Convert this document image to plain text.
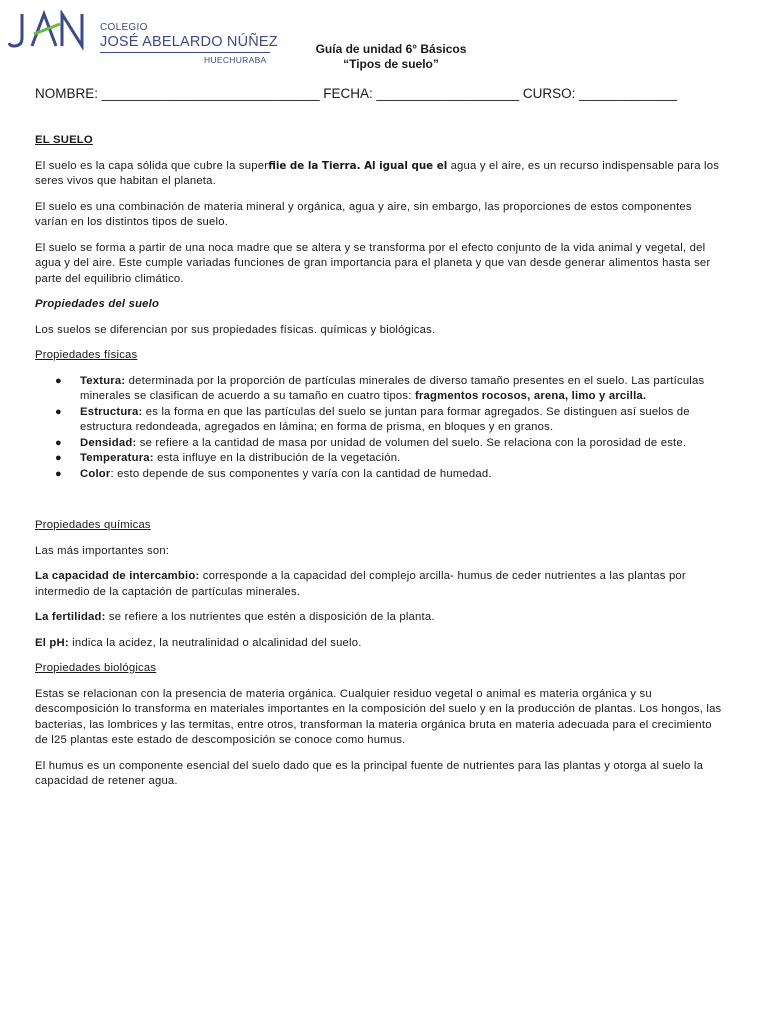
COLEGIO
JOSÉ ABELARDO NÚÑEZ
HUECHURABA
Guía de unidad 6° Básicos
“Tipos de suelo”
NOMBRE: _____________________________ FECHA: ___________________ CURSO: _____________

EL SUELO

El suelo es la capa sólida que cubre la superﬁie de la Tierra. Al igual que el agua y el aire, es un recurso indispensable para los seres vivos que habitan el planeta.

El suelo es una combinación de materia mineral y orgánica, agua y aire, sin embargo, las proporciones de estos componentes varían en los distintos tipos de suelo.

El suelo se forma a partir de una noca madre que se altera y se transforma por el efecto conjunto de la vida animal y vegetal, del agua y del aire. Este cumple variadas funciones de gran importancia para el planeta y que van desde generar alimentos hasta ser parte del equilibrio climático.

Propiedades del suelo

Los suelos se diferencian por sus propiedades físicas. químicas y biológicas.

Propiedades físicas

● Textura: determinada por la proporción de partículas minerales de diverso tamaño presentes en el suelo. Las partículas minerales se clasifican de acuerdo a su tamaño en cuatro tipos: fragmentos rocosos, arena, limo y arcilla.
● Estructura: es la forma en que las partículas del suelo se juntan para formar agregados. Se distinguen así suelos de estructura redondeada, agregados en lámina; en forma de prisma, en bloques y en granos.
● Densidad: se refiere a la cantidad de masa por unidad de volumen del suelo. Se relaciona con la porosidad de este.
● Temperatura: esta influye en la distribución de la vegetación.
● Color: esto depende de sus componentes y varía con la cantidad de humedad.

Propiedades químicas

Las más importantes son:

La capacidad de intercambio: corresponde a la capacidad del complejo arcilla- humus de ceder nutrientes a las plantas por intermedio de la captación de partículas minerales.

La fertilidad: se refiere a los nutrientes que estén a disposición de la planta.

El pH: indica la acidez, la neutralinidad o alcalinidad del suelo.

Propiedades biológicas

Estas se relacionan con la presencia de materia orgánica. Cualquier residuo vegetal o animal es materia orgánica y su descomposición lo transforma en materiales importantes en la composición del suelo y en la producción de plantas. Los hongos, las bacterias, las lombrices y las termitas, entre otros, transforman la materia orgánica bruta en materia adecuada para el crecimiento de l25 plantas este estado de descomposición se conoce como humus.

El humus es un componente esencial del suelo dado que es la principal fuente de nutrientes para las plantas y otorga al suelo la capacidad de retener agua.
